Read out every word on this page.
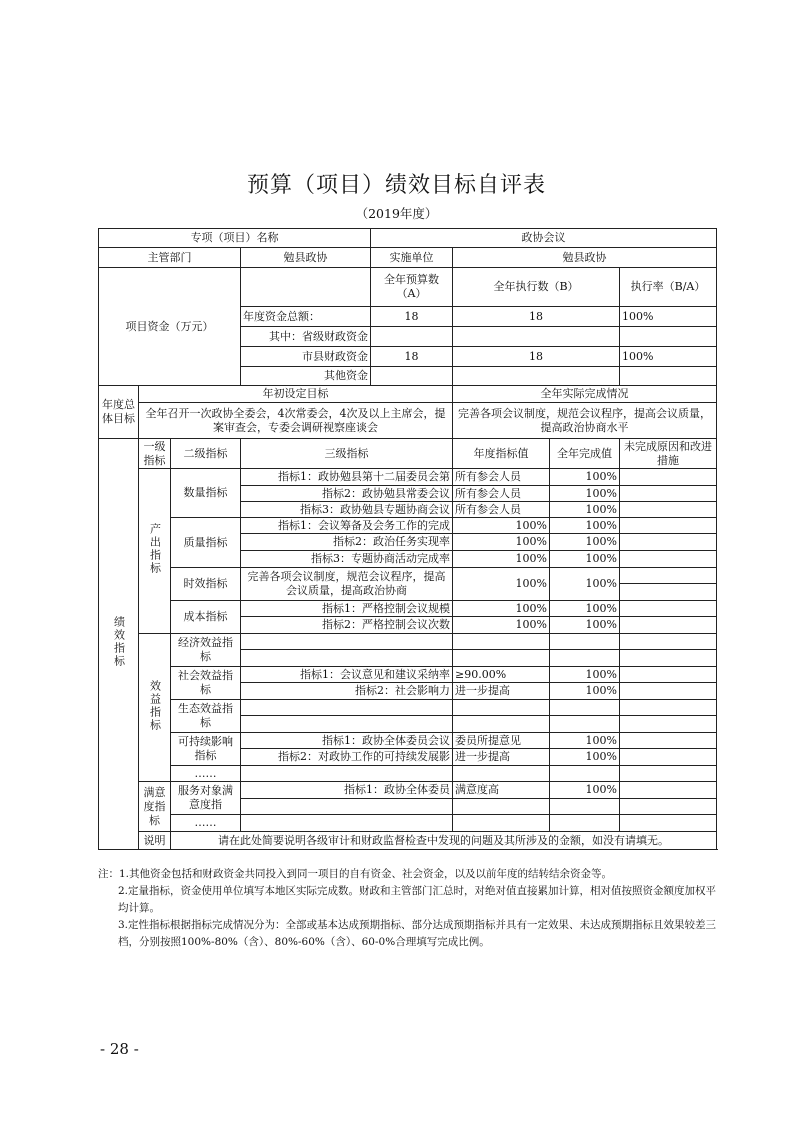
预算（项目）绩效目标自评表
（2019年度）
专项（项目）名称				政协会议			
主管部门			勉县政协	实施单位	勉县政协		
项目资金（万元）				全年预算数（A）	全年执行数（B）		执行率（B/A）
			年度资金总额：	18	18		100%
			其中：省级财政资金				
			市县财政资金	18	18		100%
			其他资金				
年度总体目标	年初设定目标				全年实际完成情况		
	全年召开一次政协全委会，4次常委会，4次及以上主席会，提案审查会，专委会调研视察座谈会				完善各项会议制度，规范会议程序，提高会议质量，提高政治协商水平		
绩效指标	一级指标	二级指标	三级指标		年度指标值	全年完成值	未完成原因和改进措施
	产出指标	数量指标	指标1：政协勉县第十二届委员会第		所有参会人员	100%	
			指标2：政协勉县常委会议		所有参会人员	100%	
			指标3：政协勉县专题协商会议		所有参会人员	100%	
		质量指标	指标1：会议筹备及会务工作的完成		100%	100%	
			指标2：政治任务实现率		100%	100%	
			指标3：专题协商活动完成率		100%	100%	
		时效指标	完善各项会议制度，规范会议程序，提高会议质量，提高政治协商		100%	100%	

		成本指标	指标1：严格控制会议规模		100%	100%	
			指标2：严格控制会议次数		100%	100%	
	效益指标	经济效益指标					

		社会效益指标	指标1：会议意见和建议采纳率		≥90.00%	100%	
			指标2：社会影响力		进一步提高	100%	
		生态效益指标					

		可持续影响指标	指标1：政协全体委员会议		委员所提意见	100%	
			指标2：对政协工作的可持续发展影		进一步提高	100%	
		……					
	满意度指标	服务对象满意度指	指标1：政协全体委员		满意度高	100%	

		……					
	说明	请在此处简要说明各级审计和财政监督检查中发现的问题及其所涉及的金额，如没有请填无。					

注：1.其他资金包括和财政资金共同投入到同一项目的自有资金、社会资金，以及以前年度的结转结余资金等。

2.定量指标，资金使用单位填写本地区实际完成数。财政和主管部门汇总时，对绝对值直接累加计算，相对值按照资金额度加权平均计算。

3.定性指标根据指标完成情况分为：全部或基本达成预期指标、部分达成预期指标并具有一定效果、未达成预期指标且效果较差三档，分别按照100%-80%（含）、80%-60%（含）、60-0%合理填写完成比例。

- 28 -
